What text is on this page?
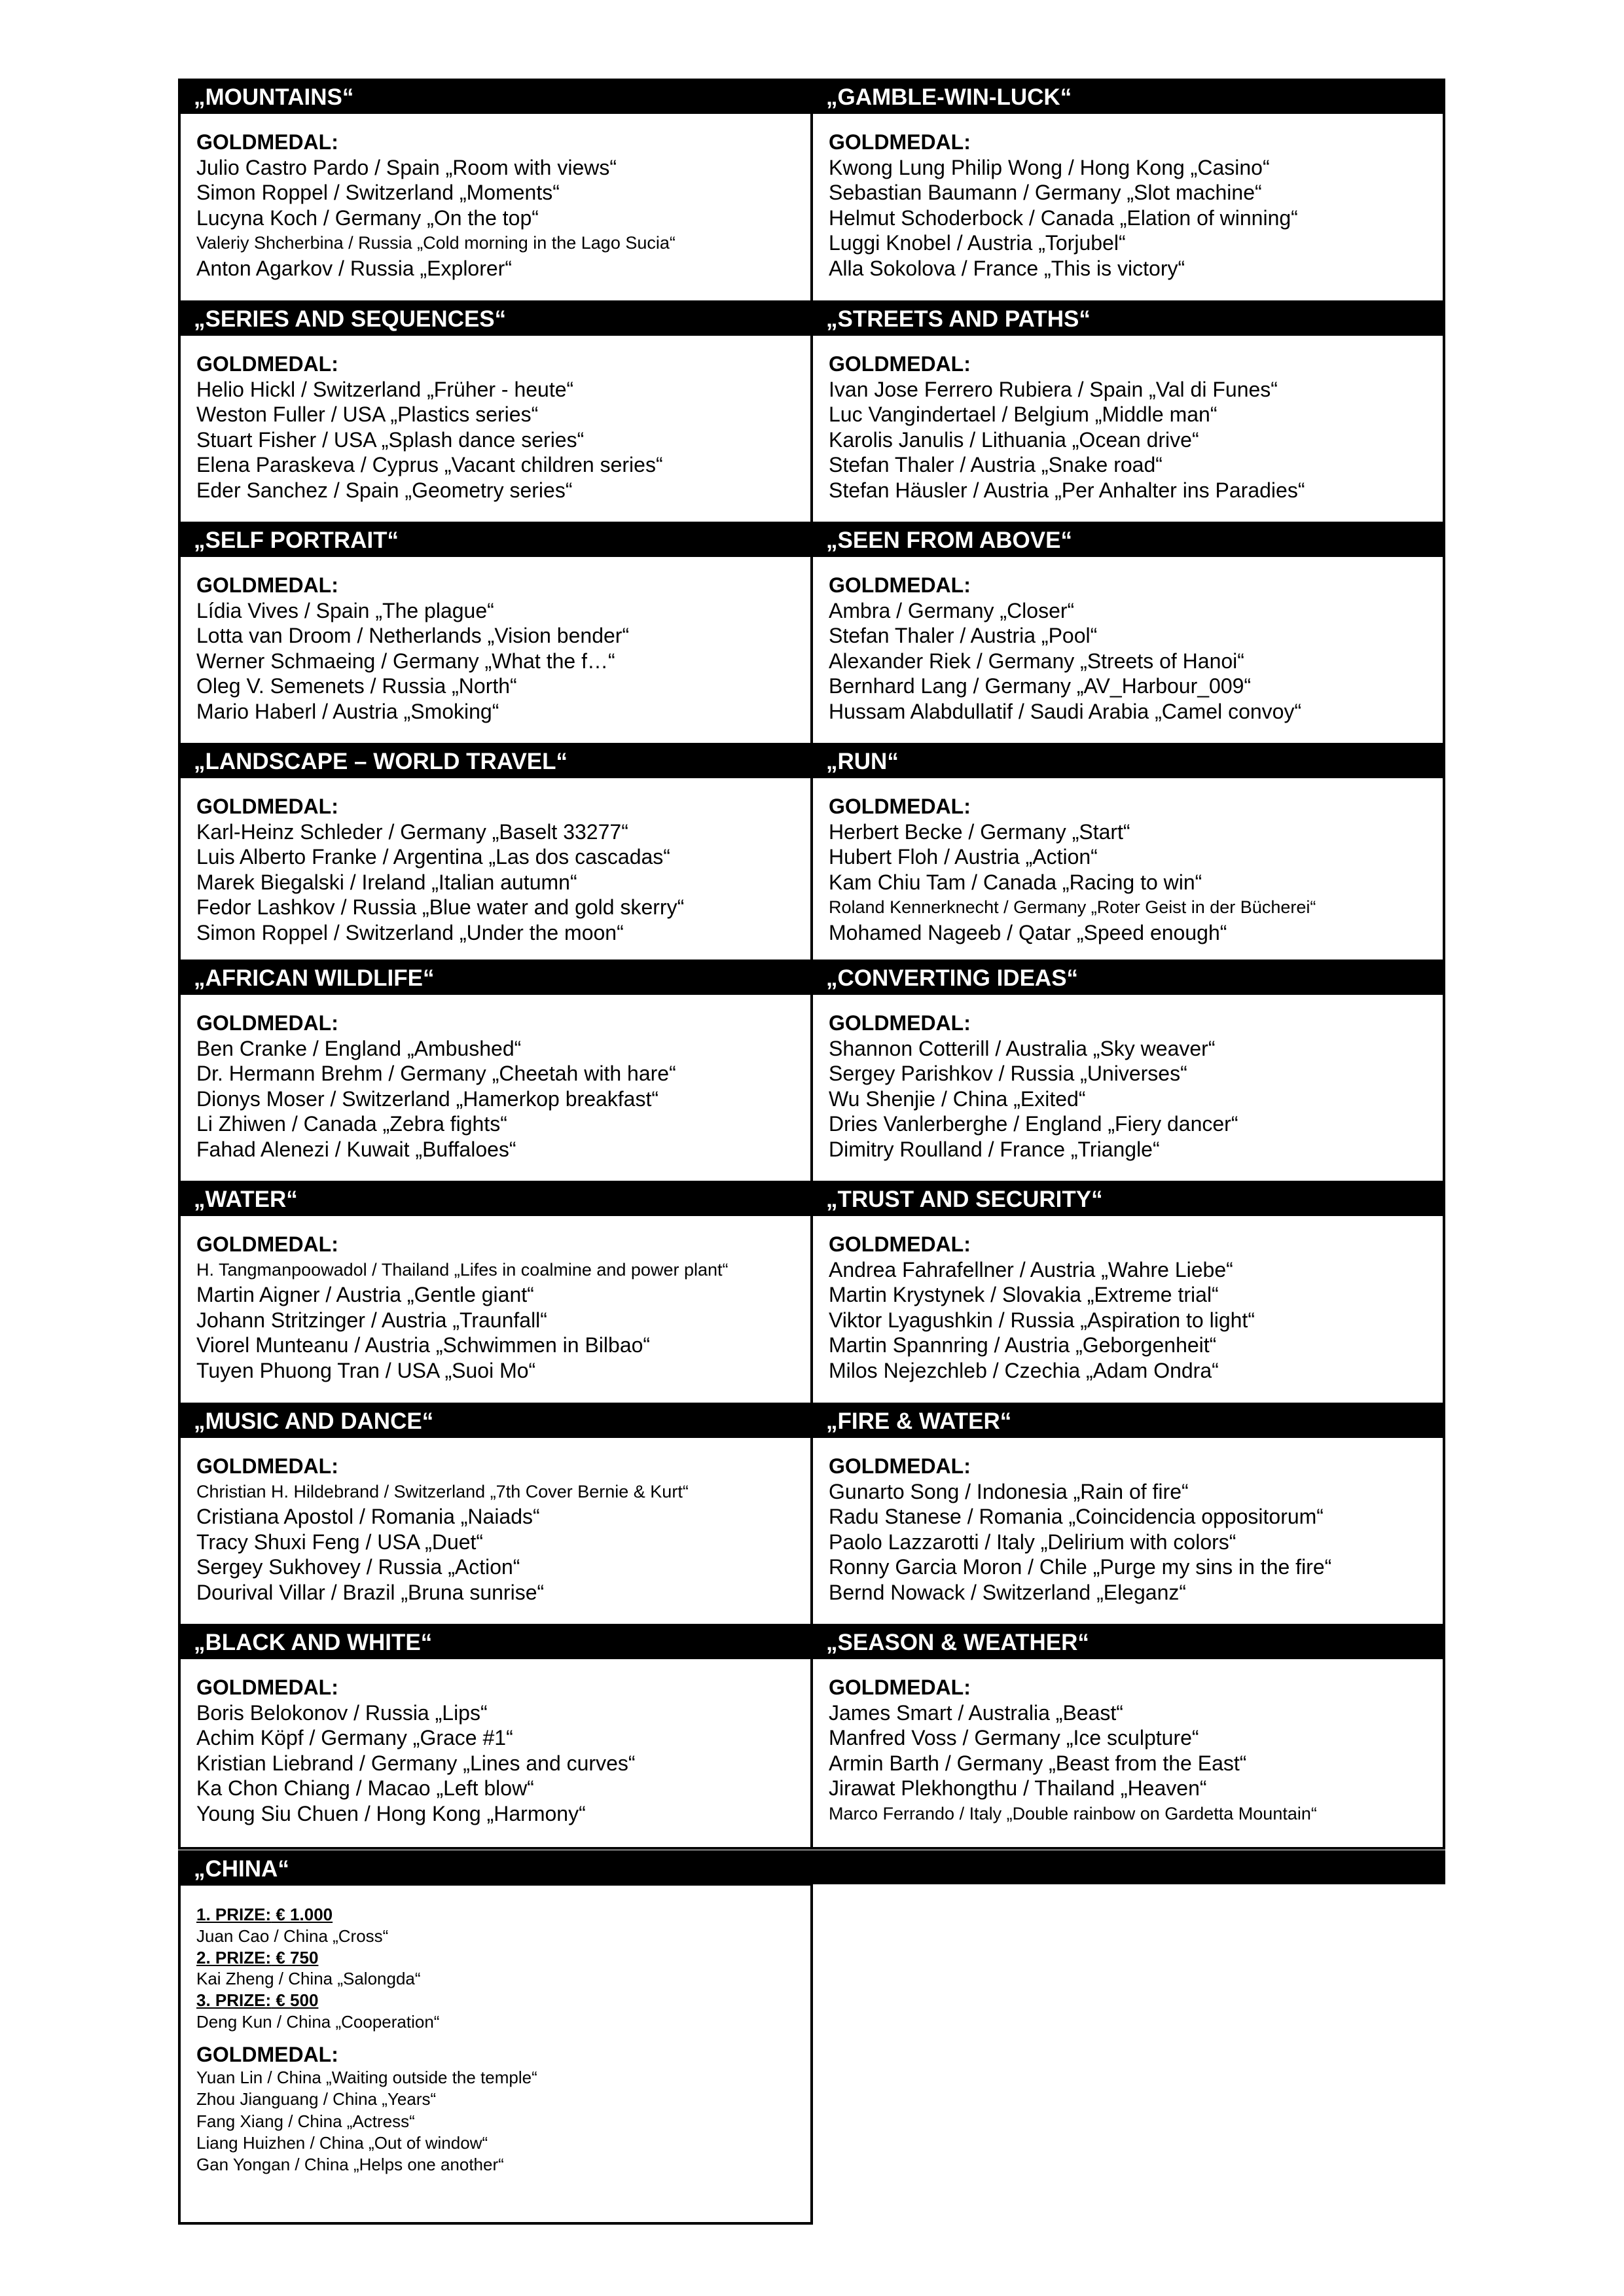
„MOUNTAINS“
GOLDMEDAL:
Julio Castro Pardo / Spain „Room with views“
Simon Roppel / Switzerland „Moments“
Lucyna Koch / Germany „On the top“
Valeriy Shcherbina / Russia „Cold morning in the Lago Sucia“
Anton Agarkov / Russia „Explorer“
„GAMBLE-WIN-LUCK“
GOLDMEDAL:
Kwong Lung Philip Wong / Hong Kong „Casino“
Sebastian Baumann / Germany „Slot machine“
Helmut Schoderbock / Canada „Elation of winning“
Luggi Knobel / Austria „Torjubel“
Alla Sokolova / France „This is victory“
„SERIES AND SEQUENCES“
GOLDMEDAL:
Helio Hickl / Switzerland „Früher - heute“
Weston Fuller / USA „Plastics series“
Stuart Fisher / USA „Splash dance series“
Elena Paraskeva / Cyprus „Vacant children series“
Eder Sanchez / Spain „Geometry series“
„STREETS AND PATHS“
GOLDMEDAL:
Ivan Jose Ferrero Rubiera / Spain „Val di Funes“
Luc Vangindertael / Belgium „Middle man“
Karolis Janulis / Lithuania „Ocean drive“
Stefan Thaler / Austria „Snake road“
Stefan Häusler / Austria „Per Anhalter ins Paradies“
„SELF PORTRAIT“
GOLDMEDAL:
Lídia Vives / Spain „The plague“
Lotta van Droom / Netherlands „Vision bender“
Werner Schmaeing / Germany „What the f…“
Oleg V. Semenets / Russia „North“
Mario Haberl / Austria „Smoking“
„SEEN FROM ABOVE“
GOLDMEDAL:
Ambra / Germany „Closer“
Stefan Thaler / Austria „Pool“
Alexander Riek / Germany „Streets of Hanoi“
Bernhard Lang / Germany „AV_Harbour_009“
Hussam Alabdullatif / Saudi Arabia „Camel convoy“
„LANDSCAPE – WORLD TRAVEL“
GOLDMEDAL:
Karl-Heinz Schleder / Germany „Baselt 33277“
Luis Alberto Franke / Argentina „Las dos cascadas“
Marek Biegalski / Ireland „Italian autumn“
Fedor Lashkov / Russia „Blue water and gold skerry“
Simon Roppel / Switzerland „Under the moon“
„RUN“
GOLDMEDAL:
Herbert Becke / Germany „Start“
Hubert Floh / Austria „Action“
Kam Chiu Tam / Canada „Racing to win“
Roland Kennerknecht / Germany „Roter Geist in der Bücherei“
Mohamed Nageeb / Qatar „Speed enough“
„AFRICAN WILDLIFE“
GOLDMEDAL:
Ben Cranke / England „Ambushed“
Dr. Hermann Brehm / Germany „Cheetah with hare“
Dionys Moser / Switzerland „Hamerkop breakfast“
Li Zhiwen / Canada „Zebra fights“
Fahad Alenezi / Kuwait „Buffaloes“
„CONVERTING IDEAS“
GOLDMEDAL:
Shannon Cotterill / Australia „Sky weaver“
Sergey Parishkov / Russia „Universes“
Wu Shenjie / China „Exited“
Dries Vanlerberghe / England „Fiery dancer“
Dimitry Roulland / France „Triangle“
„WATER“
GOLDMEDAL:
H. Tangmanpoowadol / Thailand „Lifes in coalmine and power plant“
Martin Aigner / Austria „Gentle giant“
Johann Stritzinger / Austria „Traunfall“
Viorel Munteanu / Austria „Schwimmen in Bilbao“
Tuyen Phuong Tran / USA „Suoi Mo“
„TRUST AND SECURITY“
GOLDMEDAL:
Andrea Fahrafellner / Austria „Wahre Liebe“
Martin Krystynek / Slovakia „Extreme trial“
Viktor Lyagushkin / Russia „Aspiration to light“
Martin Spannring / Austria „Geborgenheit“
Milos Nejezchleb / Czechia „Adam Ondra“
„MUSIC AND DANCE“
GOLDMEDAL:
Christian H. Hildebrand / Switzerland „7th Cover Bernie & Kurt“
Cristiana Apostol / Romania „Naiads“
Tracy Shuxi Feng / USA „Duet“
Sergey Sukhovey / Russia „Action“
Dourival Villar / Brazil „Bruna sunrise“
„FIRE & WATER“
GOLDMEDAL:
Gunarto Song / Indonesia „Rain of fire“
Radu Stanese / Romania „Coincidencia oppositorum“
Paolo Lazzarotti / Italy „Delirium with colors“
Ronny Garcia Moron / Chile „Purge my sins in the fire“
Bernd Nowack / Switzerland „Eleganz“
„BLACK AND WHITE“
GOLDMEDAL:
Boris Belokonov / Russia „Lips“
Achim Köpf / Germany „Grace #1“
Kristian Liebrand / Germany „Lines and curves“
Ka Chon Chiang / Macao „Left blow“
Young Siu Chuen / Hong Kong „Harmony“
„SEASON & WEATHER“
GOLDMEDAL:
James Smart / Australia „Beast“
Manfred Voss / Germany „Ice sculpture“
Armin Barth / Germany „Beast from the East“
Jirawat Plekhongthu / Thailand „Heaven“
Marco Ferrando / Italy „Double rainbow on Gardetta Mountain“
„CHINA“
1. PRIZE: € 1.000
Juan Cao / China „Cross“
2. PRIZE: € 750
Kai Zheng / China „Salongda“
3. PRIZE: € 500
Deng Kun / China „Cooperation“
GOLDMEDAL:
Yuan Lin / China „Waiting outside the temple“
Zhou Jianguang / China „Years“
Fang Xiang / China „Actress“
Liang Huizhen / China „Out of window“
Gan Yongan / China „Helps one another“
